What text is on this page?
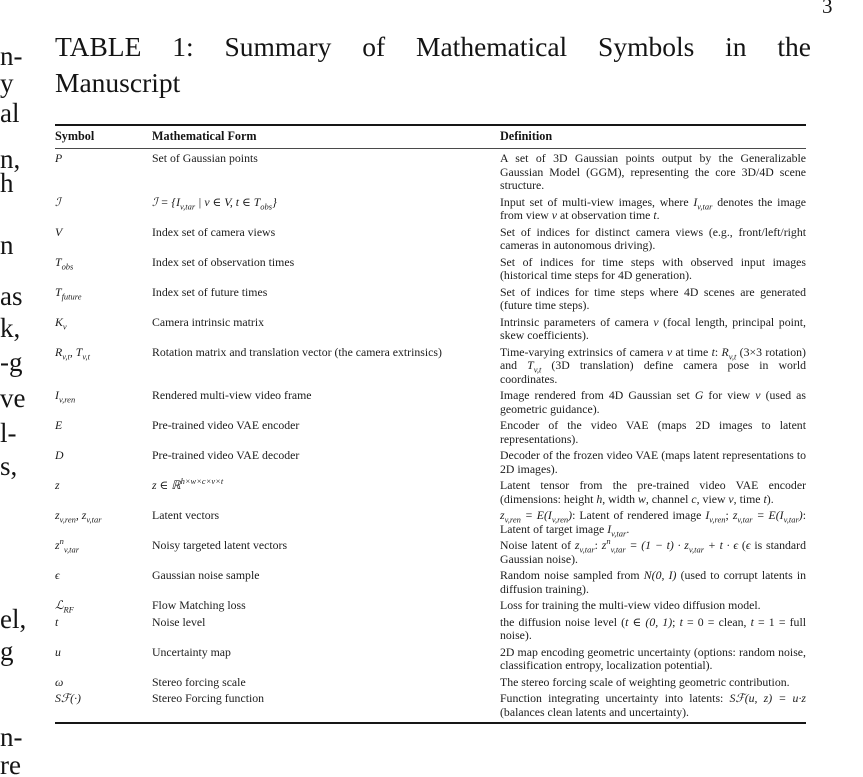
3
TABLE 1: Summary of Mathematical Symbols in the
Manuscript
Symbol	Mathematical Form	Definition
P	Set of Gaussian points	A set of 3D Gaussian points output by the Generalizable Gaussian Model (GGM), representing the core 3D/4D scene structure.
ℐ	ℐ = {$I_{v,tar}$ | v ∈ V, t ∈ $T_{obs}$}	Input set of multi-view images, where $I_{v,tar}$ denotes the image from view v at observation time t.
V	Index set of camera views	Set of indices for distinct camera views (e.g., front/left/right cameras in autonomous driving).
$T_{obs}$	Index set of observation times	Set of indices for time steps with observed input images (historical time steps for 4D generation).
$T_{future}$	Index set of future times	Set of indices for time steps where 4D scenes are generated (future time steps).
$K_v$	Camera intrinsic matrix	Intrinsic parameters of camera v (focal length, principal point, skew coefficients).
$R_{v,t}$, $T_{v,t}$	Rotation matrix and translation vector (the camera extrinsics)	Time-varying extrinsics of camera v at time t: $R_{v,t}$ (3×3 rotation) and $T_{v,t}$ (3D translation) define camera pose in world coordinates.
$I_{v,ren}$	Rendered multi-view video frame	Image rendered from 4D Gaussian set G for view v (used as geometric guidance).
E	Pre-trained video VAE encoder	Encoder of the video VAE (maps 2D images to latent representations).
D	Pre-trained video VAE decoder	Decoder of the frozen video VAE (maps latent representations to 2D images).
z	z ∈ ℝ$^{h\times w\times c\times v\times t}$	Latent tensor from the pre-trained video VAE encoder (dimensions: height h, width w, channel c, view v, time t).
$z_{v,ren}$, $z_{v,tar}$	Latent vectors	$z_{v,ren} = E(I_{v,ren})$: Latent of rendered image $I_{v,ren}$; $z_{v,tar} = E(I_{v,tar})$: Latent of target image $I_{v,tar}$.
$z^n_{v,tar}$	Noisy targeted latent vectors	Noise latent of $z_{v,tar}$: $z^n_{v,tar} = (1 - t) \cdot z_{v,tar} + t \cdot \epsilon$ (ϵ is standard Gaussian noise).
ϵ	Gaussian noise sample	Random noise sampled from N(0, I) (used to corrupt latents in diffusion training).
ℒ$_{RF}$	Flow Matching loss	Loss for training the multi-view video diffusion model.
t	Noise level	the diffusion noise level (t ∈ (0, 1); t = 0 = clean, t = 1 = full noise).
u	Uncertainty map	2D map encoding geometric uncertainty (options: random noise, classification entropy, localization potential).
ω	Stereo forcing scale	The stereo forcing scale of weighting geometric contribution.
Sℱ(·)	Stereo Forcing function	Function integrating uncertainty into latents: Sℱ(u, z) = u·z (balances clean latents and uncertainty).
n-
y
al
n,
h
n
as
k,
-g
ve
l-
s,
el,
g
n-
re
